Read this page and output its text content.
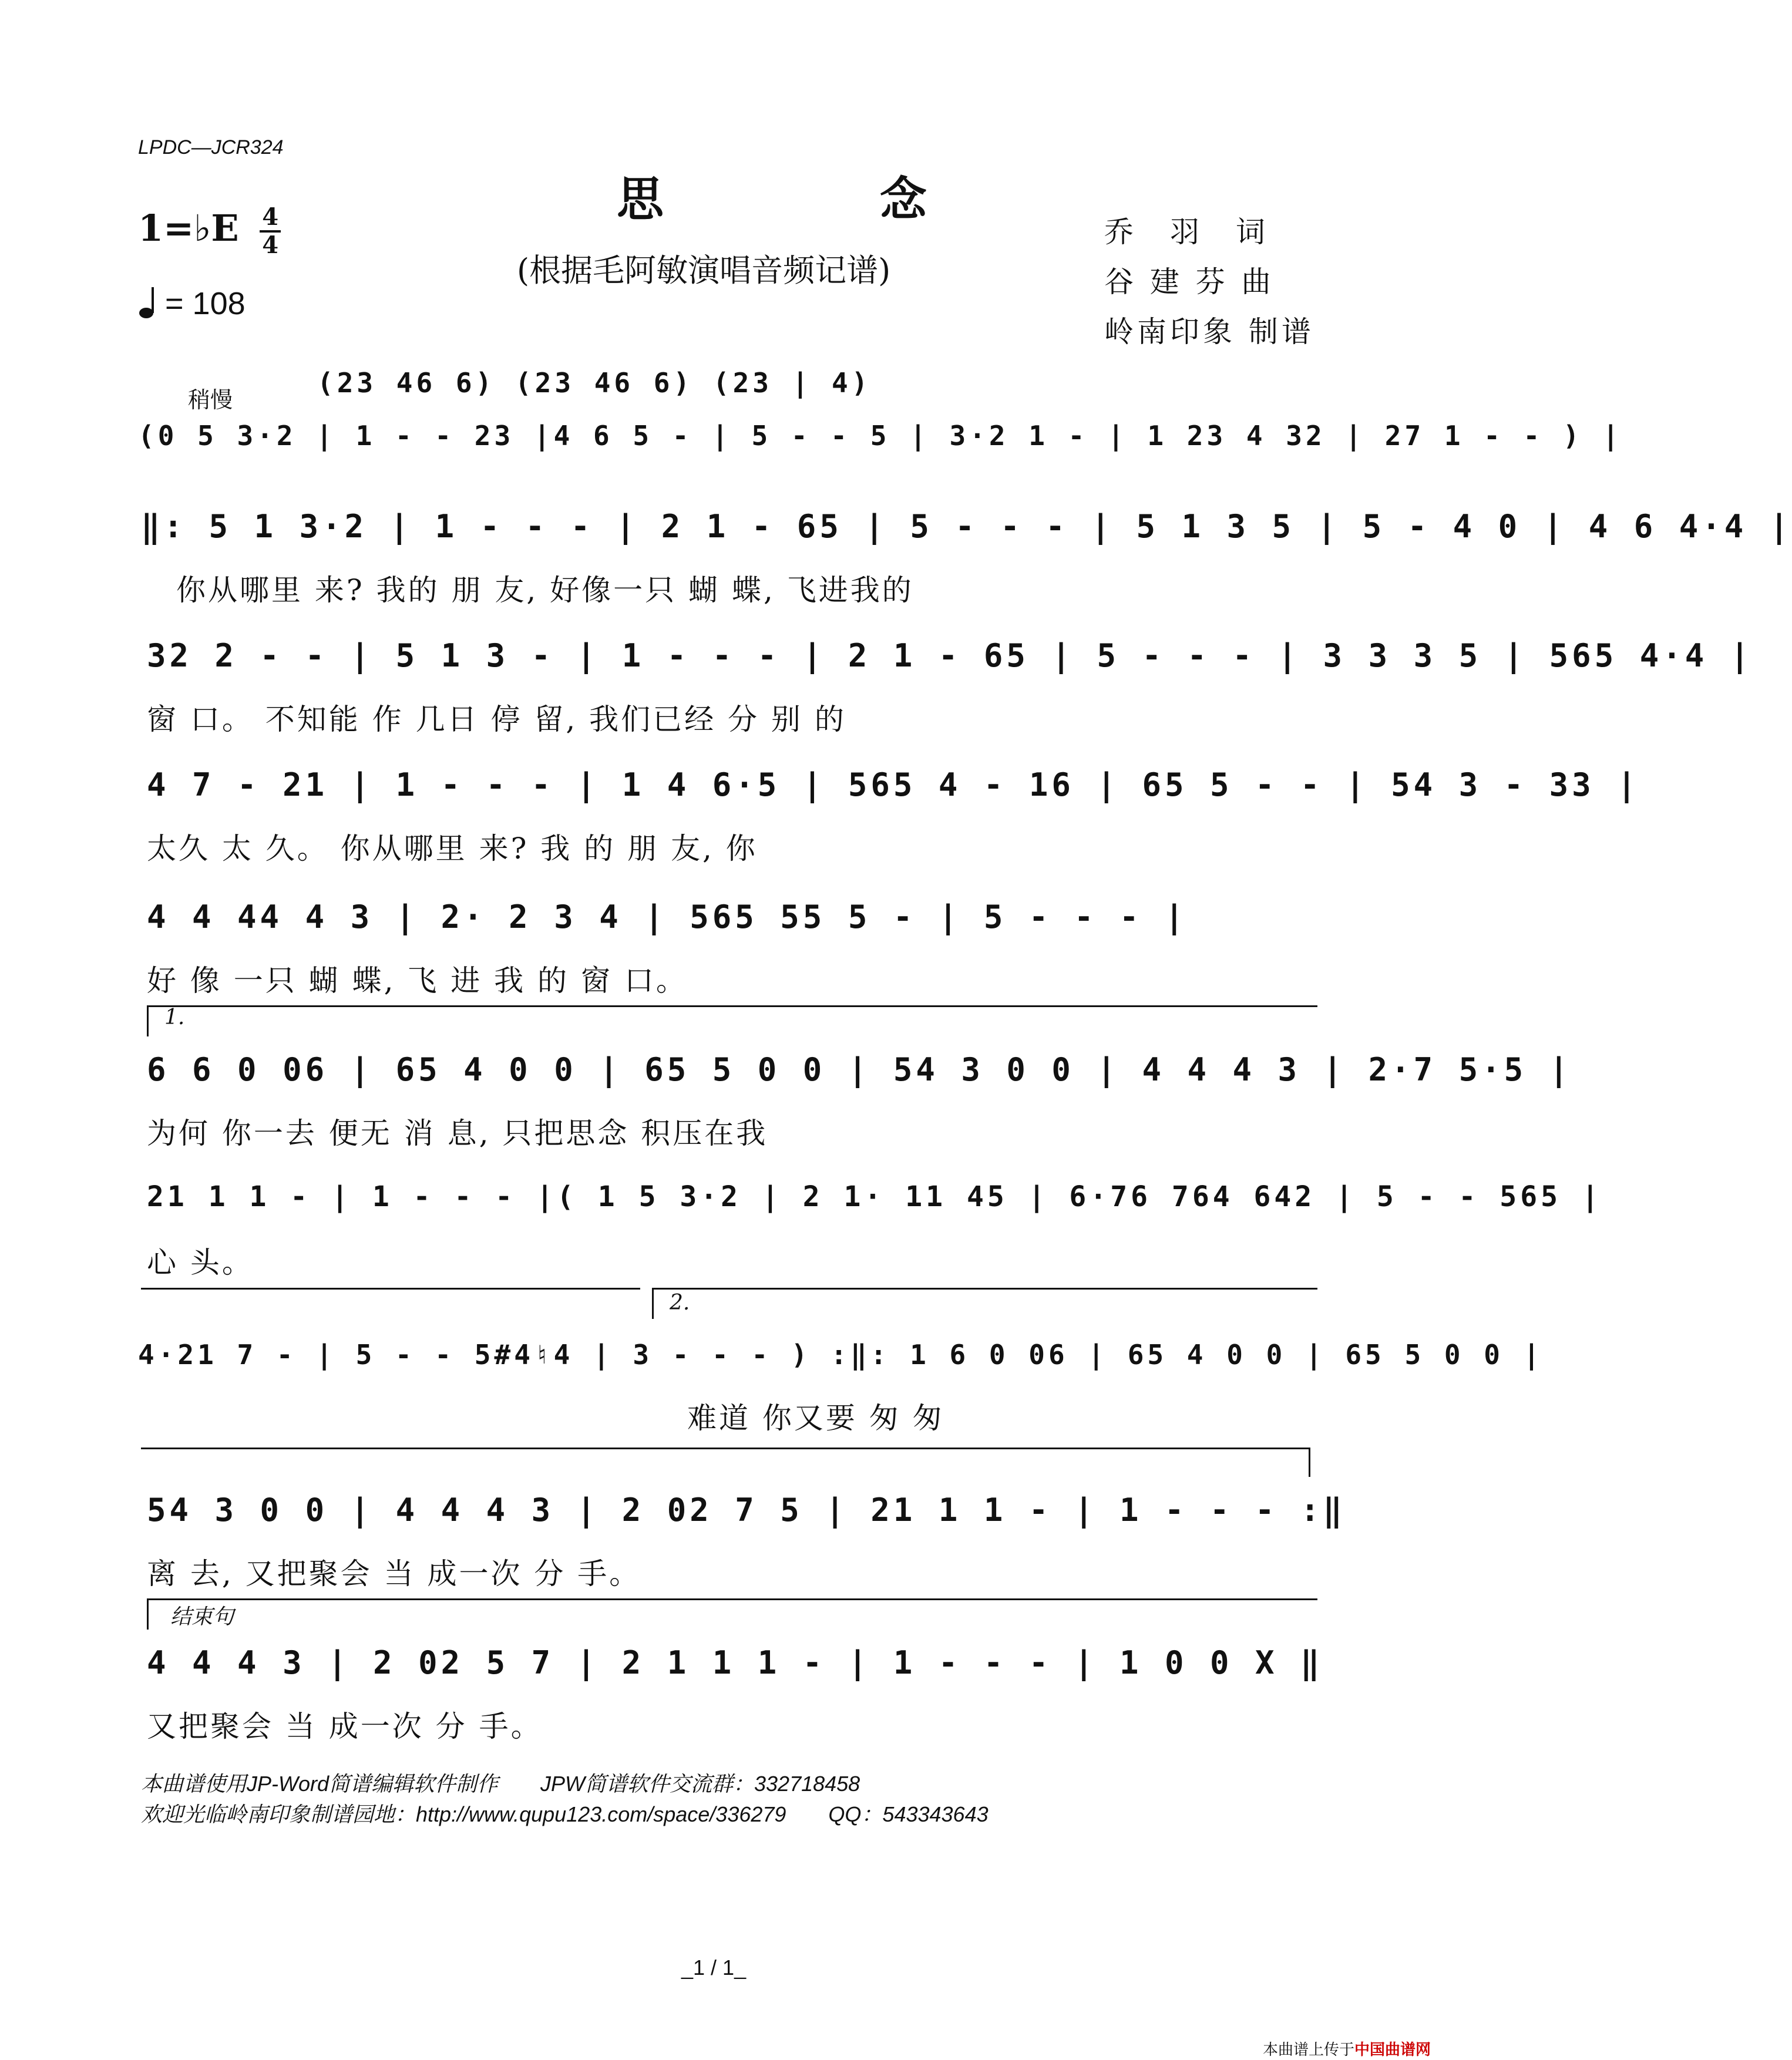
LPDC—JCR324
思 念
(根据毛阿敏演唱音频记谱)
乔　羽　词
谷 建 芬 曲
岭南印象 制谱
1=♭E $\frac{4}{4}$
= 108
稍慢
(23 46 6) (23 46 6) (23 | 4)
(0 5 3·2 | 1 - - 23 |4 6 5 - | 5 - - 5 | 3·2 1 - | 1 23 4 32 | 27 1 - - ) |
‖: 5 1 3·2 | 1 - - - | 2 1 - 65 | 5 - - - | 5 1 3 5 | 5 - 4 0 | 4 6 4·4 |
你从哪里 来? 我的 朋 友, 好像一只 蝴 蝶, 飞进我的
32 2 - - | 5 1 3 - | 1 - - - | 2 1 - 65 | 5 - - - | 3 3 3 5 | 565 4·4 |
窗 口。 不知能 作 几日 停 留, 我们已经 分 别 的
4 7 - 21 | 1 - - - | 1 4 6·5 | 565 4 - 16 | 65 5 - - | 54 3 - 33 |
太久 太 久。 你从哪里 来? 我 的 朋 友, 你
4 4 44 4 3 | 2· 2 3 4 | 565 55 5 - | 5 - - - |
好 像 一只 蝴 蝶, 飞 进 我 的 窗 口。
1.
6 6 0 06 | 65 4 0 0 | 65 5 0 0 | 54 3 0 0 | 4 4 4 3 | 2·7 5·5 |
为何 你一去 便无 消 息, 只把思念 积压在我
21 1 1 - | 1 - - - |( 1 5 3·2 | 2 1· 11 45 | 6·76 764 642 | 5 - - 565 |
心 头。
2.
4·21 7 - | 5 - - 5#4♮4 | 3 - - - ) :‖: 1 6 0 06 | 65 4 0 0 | 65 5 0 0 |
难道 你又要 匆 匆
54 3 0 0 | 4 4 4 3 | 2 02 7 5 | 21 1 1 - | 1 - - - :‖
离 去, 又把聚会 当 成一次 分 手。
结束句
4 4 4 3 | 2 02 5 7 | 2 1 1 1 - | 1 - - - | 1 0 0 X ‖
又把聚会 当 成一次 分 手。
本曲谱使用JP-Word简谱编辑软件制作　　JPW简谱软件交流群：332718458
欢迎光临岭南印象制谱园地：http://www.qupu123.com/space/336279　　QQ：543343643
_1 / 1_
本曲谱上传于中国曲谱网
